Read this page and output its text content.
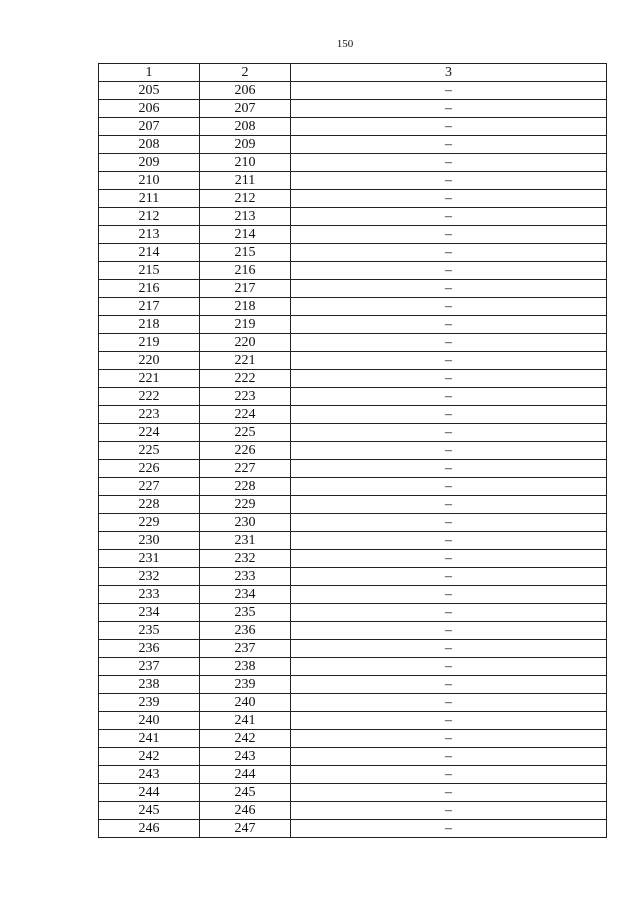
150
1	2	3
205	206	–
206	207	–
207	208	–
208	209	–
209	210	–
210	211	–
211	212	–
212	213	–
213	214	–
214	215	–
215	216	–
216	217	–
217	218	–
218	219	–
219	220	–
220	221	–
221	222	–
222	223	–
223	224	–
224	225	–
225	226	–
226	227	–
227	228	–
228	229	–
229	230	–
230	231	–
231	232	–
232	233	–
233	234	–
234	235	–
235	236	–
236	237	–
237	238	–
238	239	–
239	240	–
240	241	–
241	242	–
242	243	–
243	244	–
244	245	–
245	246	–
246	247	–
